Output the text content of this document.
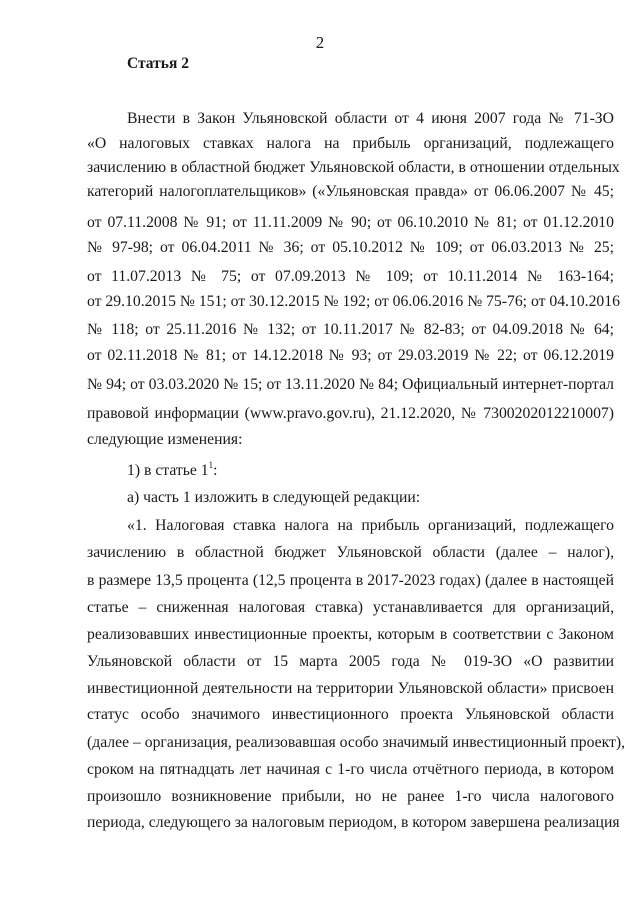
2
Статья 2
Внести в Закон Ульяновской области от 4 июня 2007 года № 71-ЗО
«О налоговых ставках налога на прибыль организаций, подлежащего
зачислению в областной бюджет Ульяновской области, в отношении отдельных
категорий налогоплательщиков» («Ульяновская правда» от 06.06.2007 № 45;
от 07.11.2008 № 91; от 11.11.2009 № 90; от 06.10.2010 № 81; от 01.12.2010
№ 97-98; от 06.04.2011 № 36; от 05.10.2012 № 109; от 06.03.2013 № 25;
от 11.07.2013 № 75; от 07.09.2013 № 109; от 10.11.2014 № 163-164;
от 29.10.2015 № 151; от 30.12.2015 № 192; от 06.06.2016 № 75-76; от 04.10.2016
№ 118; от 25.11.2016 № 132; от 10.11.2017 № 82-83; от 04.09.2018 № 64;
от 02.11.2018 № 81; от 14.12.2018 № 93; от 29.03.2019 № 22; от 06.12.2019
№ 94; от 03.03.2020 № 15; от 13.11.2020 № 84; Официальный интернет-портал
правовой информации (www.pravo.gov.ru), 21.12.2020, № 7300202012210007)
следующие изменения:
1) в статье $1^1$:
а) часть 1 изложить в следующей редакции:
«1. Налоговая ставка налога на прибыль организаций, подлежащего
зачислению в областной бюджет Ульяновской области (далее – налог),
в размере 13,5 процента (12,5 процента в 2017-2023 годах) (далее в настоящей
статье – сниженная налоговая ставка) устанавливается для организаций,
реализовавших инвестиционные проекты, которым в соответствии с Законом
Ульяновской области от 15 марта 2005 года № 019-ЗО «О развитии
инвестиционной деятельности на территории Ульяновской области» присвоен
статус особо значимого инвестиционного проекта Ульяновской области
(далее – организация, реализовавшая особо значимый инвестиционный проект),
сроком на пятнадцать лет начиная с 1-го числа отчётного периода, в котором
произошло возникновение прибыли, но не ранее 1-го числа налогового
периода, следующего за налоговым периодом, в котором завершена реализация
